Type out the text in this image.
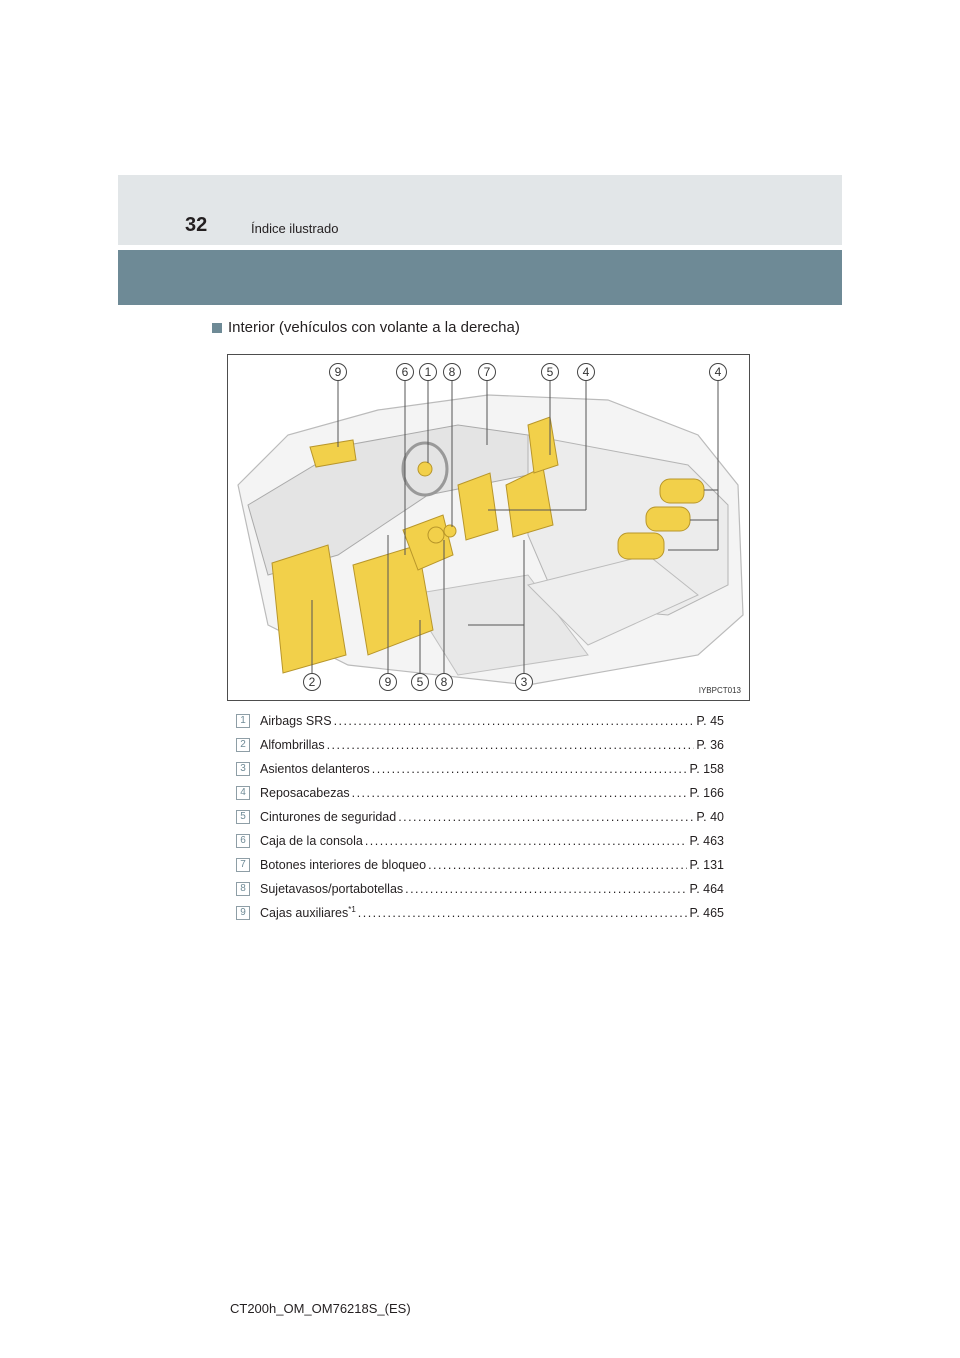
32	Índice ilustrado
Interior (vehículos con volante a la derecha)
9	6	1	8	7	5	4	4
2	9	5	8	3
IYBPCT013
1	Airbags SRS . . .	P. 45
2	Alfombrillas . . .	P. 36
3	Asientos delanteros . . .	P. 158
4	Reposacabezas . . .	P. 166
5	Cinturones de seguridad . . .	P. 40
6	Caja de la consola . . .	P. 463
7	Botones interiores de bloqueo . . .	P. 131
8	Sujetavasos/portabotellas . . .	P. 464
9	Cajas auxiliares$^{*1}$ . . .	P. 465
CT200h_OM_OM76218S_(ES)
